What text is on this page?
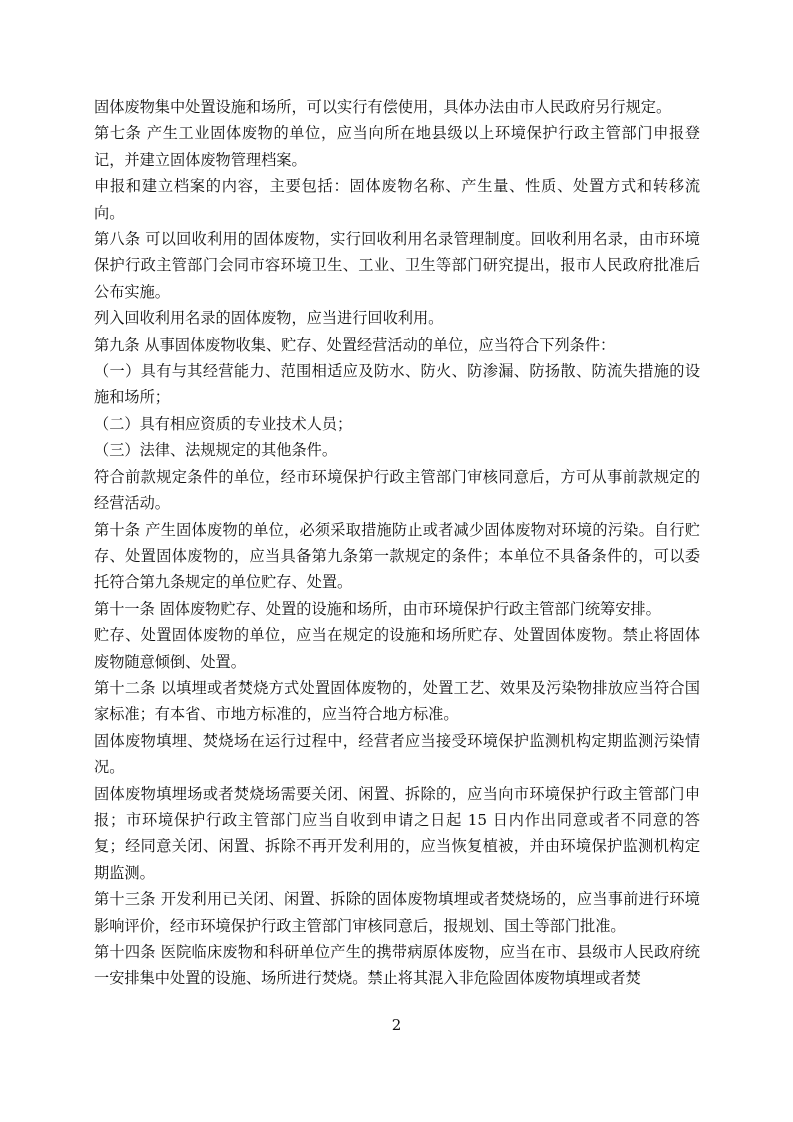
固体废物集中处置设施和场所，可以实行有偿使用，具体办法由市人民政府另行规定。

第七条 产生工业固体废物的单位，应当向所在地县级以上环境保护行政主管部门申报登记，并建立固体废物管理档案。

申报和建立档案的内容，主要包括：固体废物名称、产生量、性质、处置方式和转移流向。

第八条 可以回收利用的固体废物，实行回收利用名录管理制度。回收利用名录，由市环境保护行政主管部门会同市容环境卫生、工业、卫生等部门研究提出，报市人民政府批准后公布实施。

列入回收利用名录的固体废物，应当进行回收利用。

第九条 从事固体废物收集、贮存、处置经营活动的单位，应当符合下列条件：

（一）具有与其经营能力、范围相适应及防水、防火、防渗漏、防扬散、防流失措施的设施和场所；

（二）具有相应资质的专业技术人员；

（三）法律、法规规定的其他条件。

符合前款规定条件的单位，经市环境保护行政主管部门审核同意后，方可从事前款规定的经营活动。

第十条 产生固体废物的单位，必须采取措施防止或者减少固体废物对环境的污染。自行贮存、处置固体废物的，应当具备第九条第一款规定的条件；本单位不具备条件的，可以委托符合第九条规定的单位贮存、处置。

第十一条 固体废物贮存、处置的设施和场所，由市环境保护行政主管部门统筹安排。

贮存、处置固体废物的单位，应当在规定的设施和场所贮存、处置固体废物。禁止将固体废物随意倾倒、处置。

第十二条 以填埋或者焚烧方式处置固体废物的，处置工艺、效果及污染物排放应当符合国家标准；有本省、市地方标准的，应当符合地方标准。

固体废物填埋、焚烧场在运行过程中，经营者应当接受环境保护监测机构定期监测污染情况。

固体废物填埋场或者焚烧场需要关闭、闲置、拆除的，应当向市环境保护行政主管部门申报；市环境保护行政主管部门应当自收到申请之日起 15 日内作出同意或者不同意的答复；经同意关闭、闲置、拆除不再开发利用的，应当恢复植被，并由环境保护监测机构定期监测。

第十三条 开发利用已关闭、闲置、拆除的固体废物填埋或者焚烧场的，应当事前进行环境影响评价，经市环境保护行政主管部门审核同意后，报规划、国土等部门批准。

第十四条 医院临床废物和科研单位产生的携带病原体废物，应当在市、县级市人民政府统一安排集中处置的设施、场所进行焚烧。禁止将其混入非危险固体废物填埋或者焚

2
